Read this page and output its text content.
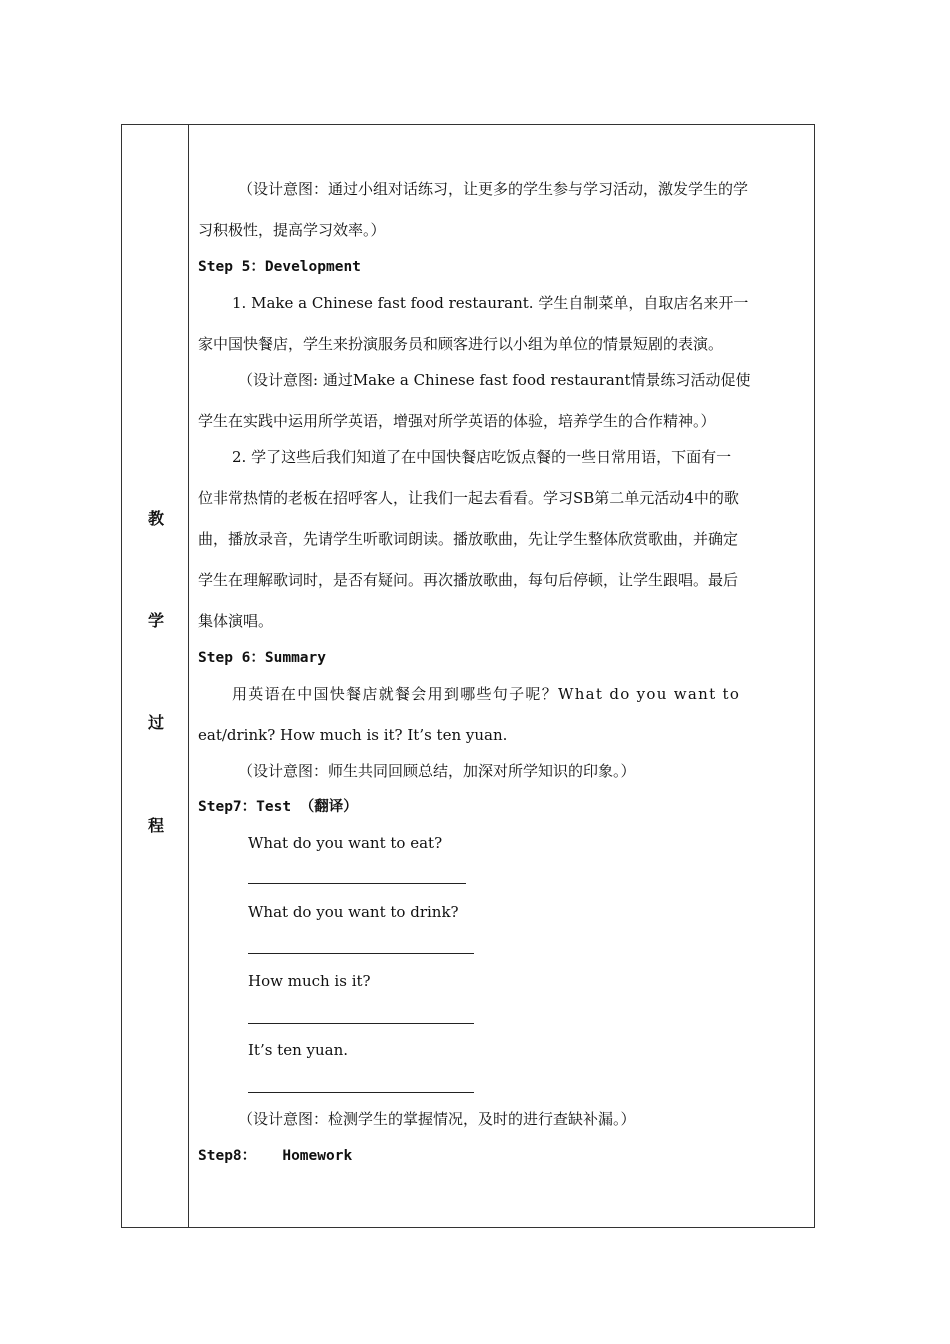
教
学
过
程
（设计意图：通过小组对话练习，让更多的学生参与学习活动，激发学生的学
习积极性，提高学习效率。）
Step 5：Development
1. Make a Chinese fast food restaurant. 学生自制菜单，自取店名来开一
家中国快餐店，学生来扮演服务员和顾客进行以小组为单位的情景短剧的表演。
（设计意图: 通过Make a Chinese fast food restaurant情景练习活动促使
学生在实践中运用所学英语，增强对所学英语的体验，培养学生的合作精神。）
2. 学了这些后我们知道了在中国快餐店吃饭点餐的一些日常用语，下面有一
位非常热情的老板在招呼客人，让我们一起去看看。学习SB第二单元活动4中的歌
曲，播放录音，先请学生听歌词朗读。播放歌曲，先让学生整体欣赏歌曲，并确定
学生在理解歌词时，是否有疑问。再次播放歌曲，每句后停顿，让学生跟唱。最后
集体演唱。
Step 6：Summary
用英语在中国快餐店就餐会用到哪些句子呢？What do you want to
eat/drink? How much is it? It’s ten yuan.
（设计意图：师生共同回顾总结，加深对所学知识的印象。）
Step7：Test （翻译）
What do you want to eat?
What do you want to drink?
How much is it?
It’s ten yuan.
（设计意图：检测学生的掌握情况，及时的进行查缺补漏。）
Step8：   Homework
